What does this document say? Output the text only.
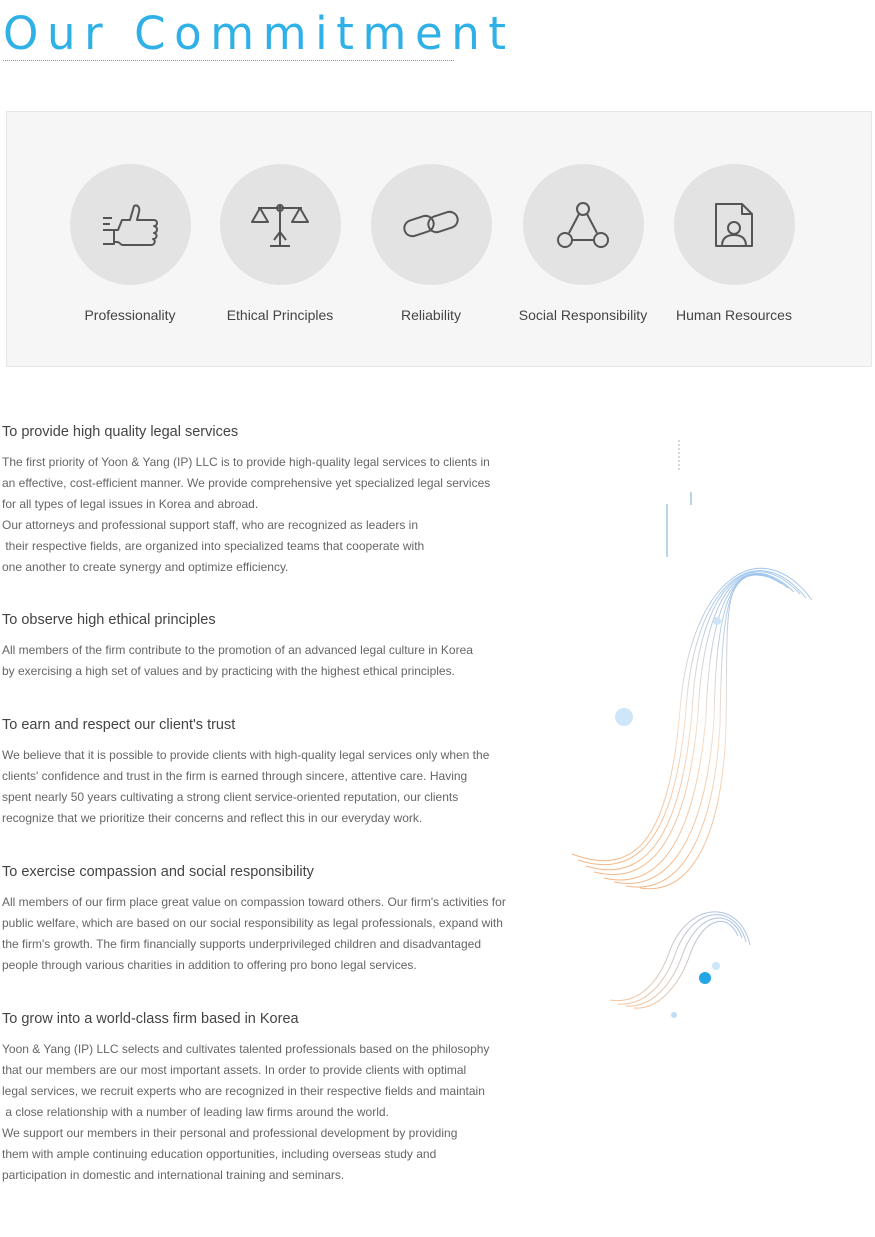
Our Commitment
Professionality	Ethical Principles	Reliability	Social Responsibility	Human Resources
To provide high quality legal services
The first priority of Yoon & Yang (IP) LLC is to provide high-quality legal services to clients in
an effective, cost-efficient manner. We provide comprehensive yet specialized legal services
for all types of legal issues in Korea and abroad.
Our attorneys and professional support staff, who are recognized as leaders in
their respective fields, are organized into specialized teams that cooperate with
one another to create synergy and optimize efficiency.
To observe high ethical principles
All members of the firm contribute to the promotion of an advanced legal culture in Korea
by exercising a high set of values and by practicing with the highest ethical principles.
To earn and respect our client's trust
We believe that it is possible to provide clients with high-quality legal services only when the
clients' confidence and trust in the firm is earned through sincere, attentive care. Having
spent nearly 50 years cultivating a strong client service-oriented reputation, our clients
recognize that we prioritize their concerns and reflect this in our everyday work.
To exercise compassion and social responsibility
All members of our firm place great value on compassion toward others. Our firm's activities for
public welfare, which are based on our social responsibility as legal professionals, expand with
the firm's growth. The firm financially supports underprivileged children and disadvantaged
people through various charities in addition to offering pro bono legal services.
To grow into a world-class firm based in Korea
Yoon & Yang (IP) LLC selects and cultivates talented professionals based on the philosophy
that our members are our most important assets. In order to provide clients with optimal
legal services, we recruit experts who are recognized in their respective fields and maintain
a close relationship with a number of leading law firms around the world.
We support our members in their personal and professional development by providing
them with ample continuing education opportunities, including overseas study and
participation in domestic and international training and seminars.
